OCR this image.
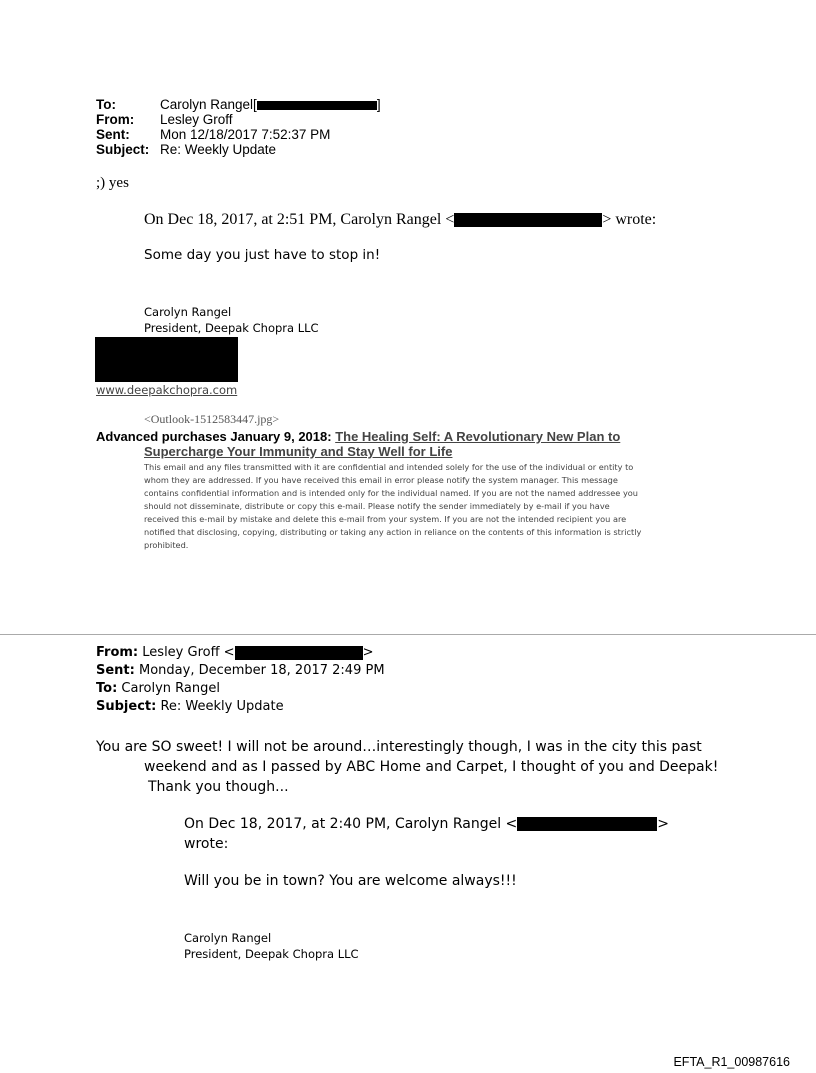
To:	Carolyn Rangel[	]
From: Lesley Groff
Sent: Mon 12/18/2017 7:52:37 PM
Subject: Re: Weekly Update
;) yes
On Dec 18, 2017, at 2:51 PM, Carolyn Rangel <	> wrote:
Some day you just have to stop in!
Carolyn Rangel
President, Deepak Chopra LLC
www.deepakchopra.com
<Outlook-1512583447.jpg>
Advanced purchases January 9, 2018: The Healing Self: A Revolutionary New Plan to
Supercharge Your Immunity and Stay Well for Life
This email and any files transmitted with it are confidential and intended solely for the use of the individual or entity to
whom they are addressed. If you have received this email in error please notify the system manager. This message
contains confidential information and is intended only for the individual named. If you are not the named addressee you
should not disseminate, distribute or copy this e-mail. Please notify the sender immediately by e-mail if you have
received this e-mail by mistake and delete this e-mail from your system. If you are not the intended recipient you are
notified that disclosing, copying, distributing or taking any action in reliance on the contents of this information is strictly
prohibited.
From: Lesley Groff <	>
Sent: Monday, December 18, 2017 2:49 PM
To: Carolyn Rangel
Subject: Re: Weekly Update
You are SO sweet! I will not be around…interestingly though, I was in the city this past
weekend and as I passed by ABC Home and Carpet, I thought of you and Deepak!
Thank you though...
On Dec 18, 2017, at 2:40 PM, Carolyn Rangel <	>
wrote:
Will you be in town? You are welcome always!!!
Carolyn Rangel
President, Deepak Chopra LLC
EFTA_R1_00987616
